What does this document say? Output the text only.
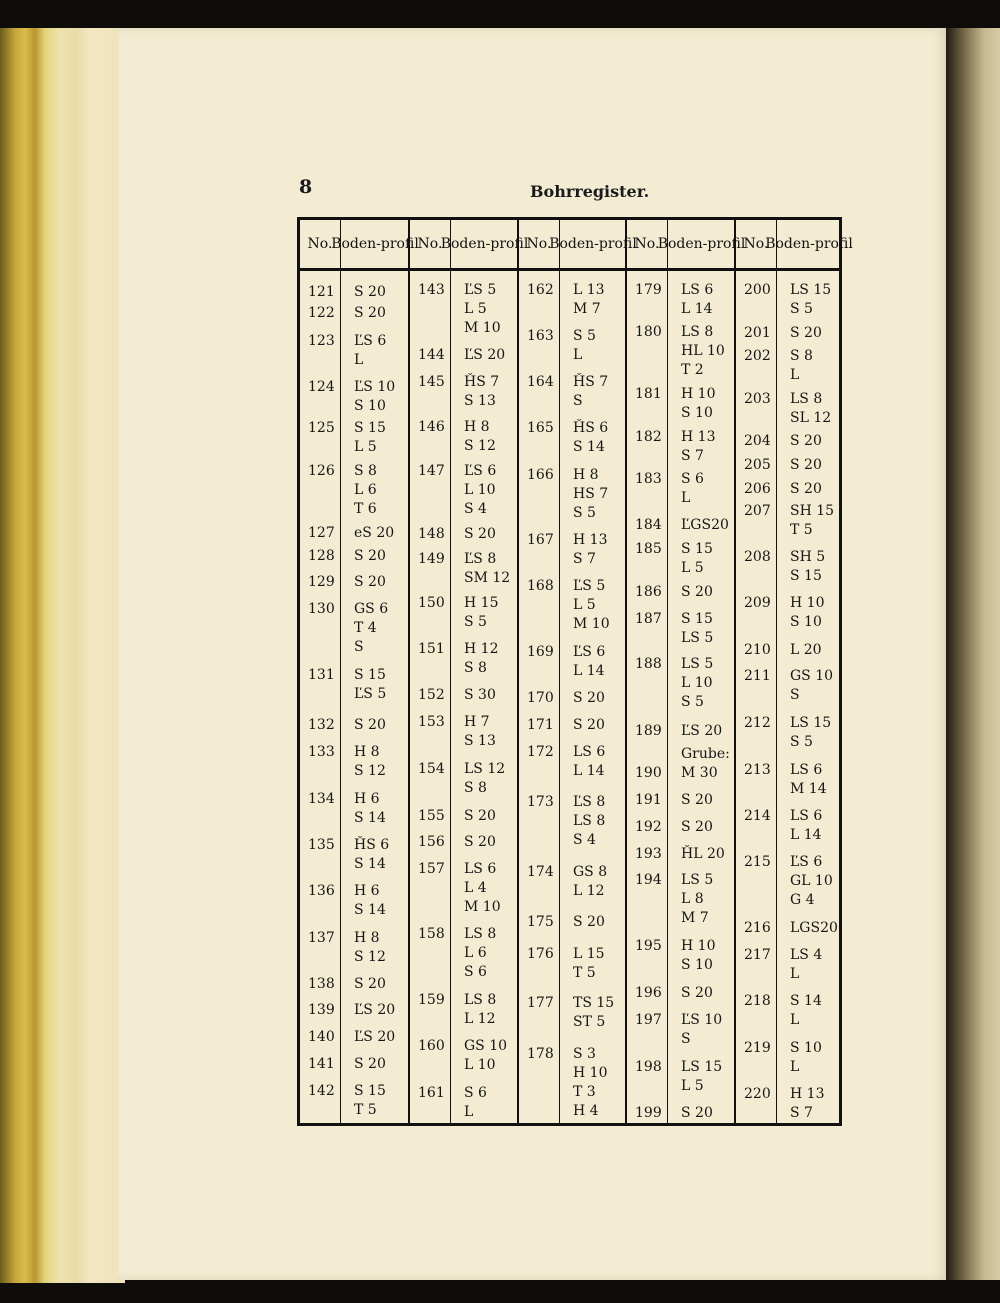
8	Bohrregister.
No.
Boden- profil
No.
Boden- profil
No.
Boden- profil
No.
Boden- profil
No.
Boden- profil
121 S 20
122 S 20
123 ĽS 6
L
124 ĽS 10
S 10
125 S 15
L 5
126 S 8
L 6
T 6
127 eS 20
128 S 20
129 S 20
130 GS 6
T 4
S
131 S 15
ĽS 5
132 S 20
133 H 8
S 12
134 H 6
S 14
135 ȞS 6
S 14
136 H 6
S 14
137 H 8
S 12
138 S 20
139 ĽS 20
140 ĽS 20
141 S 20
142 S 15
T 5
143 ĽS 5
L 5
M 10
144 ĽS 20
145 ȞS 7
S 13
146 H 8
S 12
147 ĽS 6
L 10
S 4
148 S 20
149 ĽS 8
SM 12
150 H 15
S 5
151 H 12
S 8
152 S 30
153 H 7
S 13
154 LS 12
S 8
155 S 20
156 S 20
157 LS 6
L 4
M 10
158 LS 8
L 6
S 6
159 LS 8
L 12
160 GS 10
L 10
161 S 6
L
162 L 13
M 7
163 S 5
L
164 ȞS 7
S
165 ȞS 6
S 14
166 H 8
HS 7
S 5
167 H 13
S 7
168 ĽS 5
L 5
M 10
169 ĽS 6
L 14
170 S 20
171 S 20
172 LS 6
L 14
173 ĽS 8
LS 8
S 4
174 GS 8
L 12
175 S 20
176 L 15
T 5
177 TS 15
ST 5
178 S 3
H 10
T 3
H 4
179 LS 6
L 14
180 LS 8
HL 10
T 2
181 H 10
S 10
182 H 13
S 7
183 S 6
L
184 ĽGS20
185 S 15
L 5
186 S 20
187 S 15
LS 5
188 LS 5
L 10
S 5
189 ĽS 20
Grube:
190 M 30
191 S 20
192 S 20
193 ȞL 20
194 LS 5
L 8
M 7
195 H 10
S 10
196 S 20
197 ĽS 10
S
198 LS 15
L 5
199 S 20
200 LS 15
S 5
201 S 20
202 S 8
L
203 LS 8
SL 12
204 S 20
205 S 20
206 S 20
207 SH 15
T 5
208 SH 5
S 15
209 H 10
S 10
210 L 20
211 GS 10
S
212 LS 15
S 5
213 LS 6
M 14
214 LS 6
L 14
215 ĽS 6
GL 10
G 4
216 LGS20
217 LS 4
L
218 S 14
L
219 S 10
L
220 H 13
S 7
